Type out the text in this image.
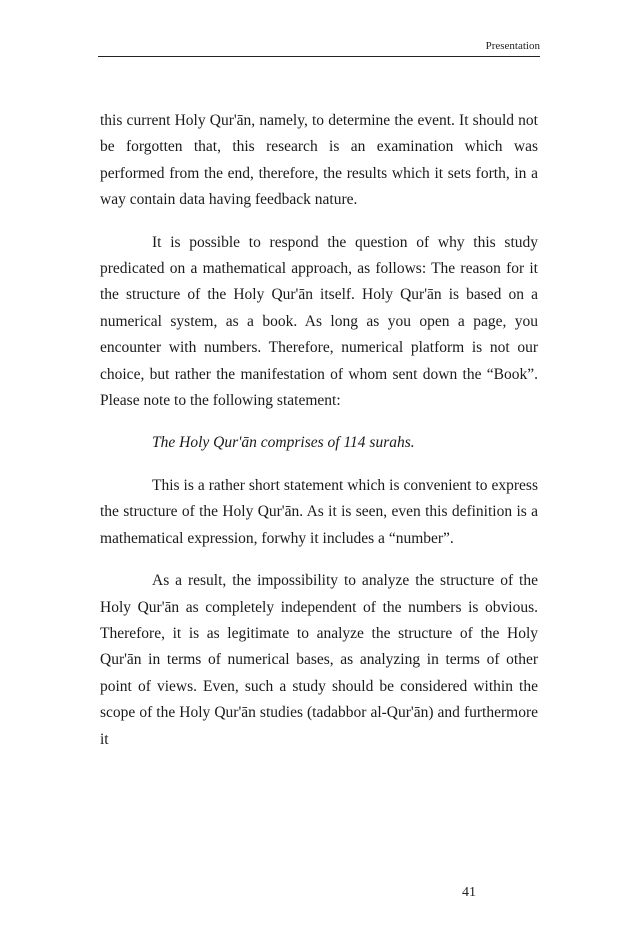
Presentation

this current Holy Qur'ān, namely, to determine the event. It should not be forgotten that, this research is an examination which was performed from the end, therefore, the results which it sets forth, in a way contain data having feedback nature.

It is possible to respond the question of why this study predicated on a mathematical approach, as follows: The reason for it the structure of the Holy Qur'ān itself. Holy Qur'ān is based on a numerical system, as a book. As long as you open a page, you encounter with numbers. Therefore, numerical platform is not our choice, but rather the manifestation of whom sent down the “Book”. Please note to the following statement:

The Holy Qur'ān comprises of 114 surahs.

This is a rather short statement which is convenient to express the structure of the Holy Qur'ān. As it is seen, even this definition is a mathematical expression, forwhy it includes a “number”.

As a result, the impossibility to analyze the structure of the Holy Qur'ān as completely independent of the numbers is obvious. Therefore, it is as legitimate to analyze the structure of the Holy Qur'ān in terms of numerical bases, as analyzing in terms of other point of views. Even, such a study should be considered within the scope of the Holy Qur'ān studies (tadabbor al-Qur'ān) and furthermore it

41
